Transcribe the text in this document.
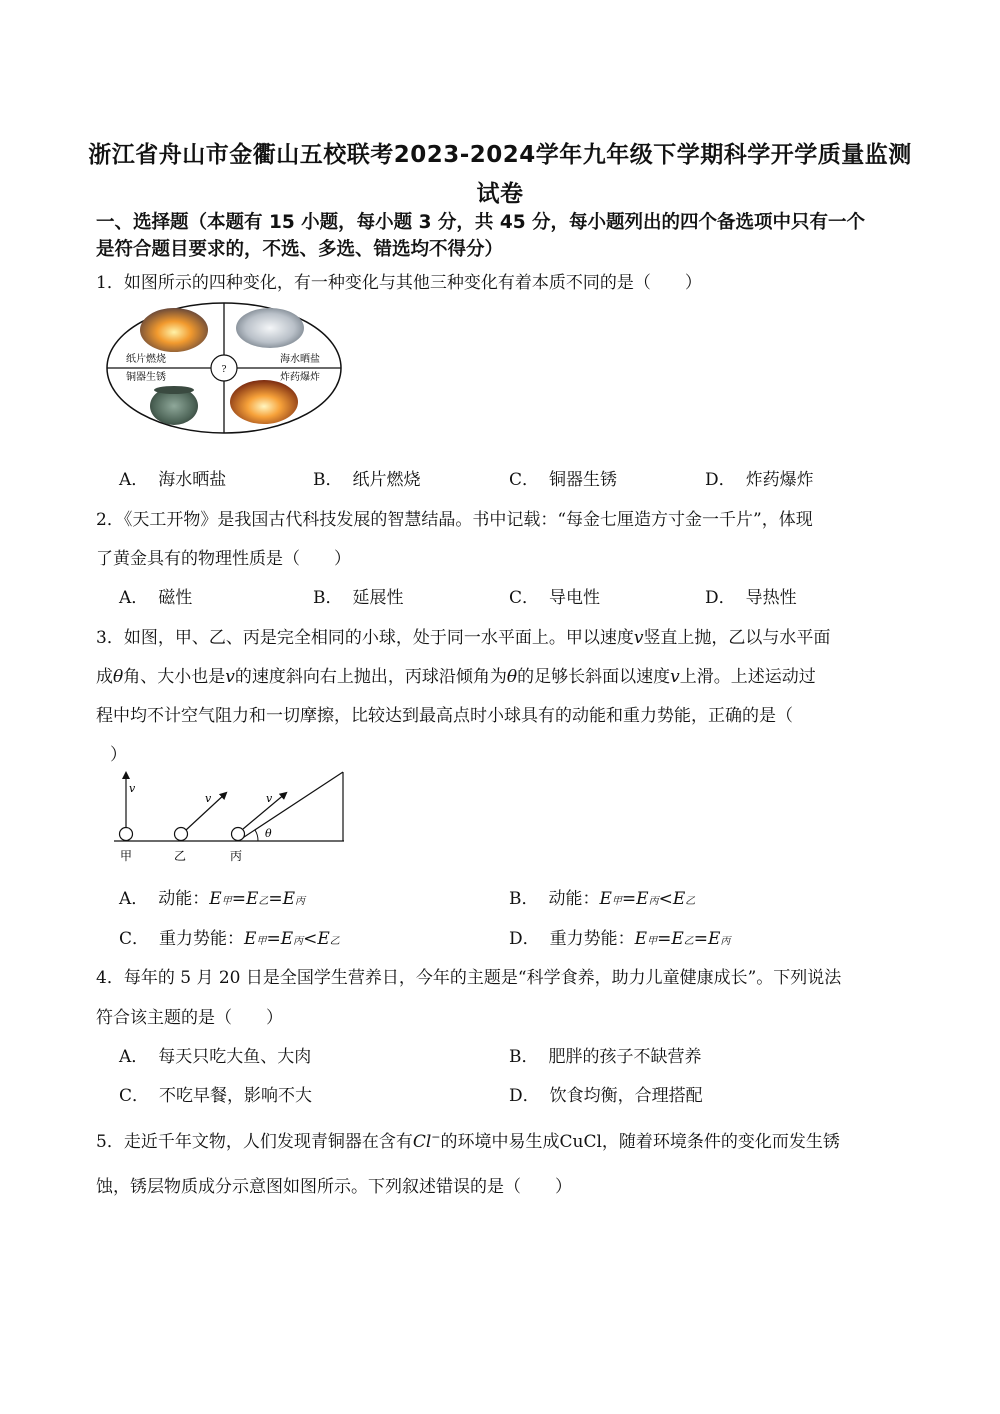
浙江省舟山市金衢山五校联考2023-2024学年九年级下学期科学开学质量监测
试卷
一、选择题（本题有 15 小题，每小题 3 分，共 45 分，每小题列出的四个备选项中只有一个
是符合题目要求的，不选、多选、错选均不得分）
1．如图所示的四种变化，有一种变化与其他三种变化有着本质不同的是（　　）
?
纸片燃烧
铜器生锈
海水晒盐
炸药爆炸
A． 海水晒盐	B． 纸片燃烧	C． 铜器生锈	D． 炸药爆炸
2．《天工开物》是我国古代科技发展的智慧结晶。书中记载：“每金七厘造方寸金一千片”，体现
了黄金具有的物理性质是（　　）
A． 磁性	B． 延展性	C． 导电性	D． 导热性
3．如图，甲、乙、丙是完全相同的小球，处于同一水平面上。甲以速度v竖直上抛，乙以与水平面
成θ角、大小也是v的速度斜向右上抛出，丙球沿倾角为θ的足够长斜面以速度v上滑。上述运动过
程中均不计空气阻力和一切摩擦，比较达到最高点时小球具有的动能和重力势能，正确的是（
）
v
v	v
θ
甲	乙	丙
A． 动能：E甲=E乙=E丙	B． 动能：E甲=E丙<E乙
C． 重力势能：E甲=E丙<E乙	D． 重力势能：E甲=E乙=E丙
4．每年的 5 月 20 日是全国学生营养日，今年的主题是“科学食养，助力儿童健康成长”。下列说法
符合该主题的是（　　）
A． 每天只吃大鱼、大肉	B． 肥胖的孩子不缺营养
C． 不吃早餐，影响不大	D． 饮食均衡，合理搭配
5．走近千年文物，人们发现青铜器在含有Cl−的环境中易生成CuCl，随着环境条件的变化而发生锈
蚀，锈层物质成分示意图如图所示。下列叙述错误的是（　　）
